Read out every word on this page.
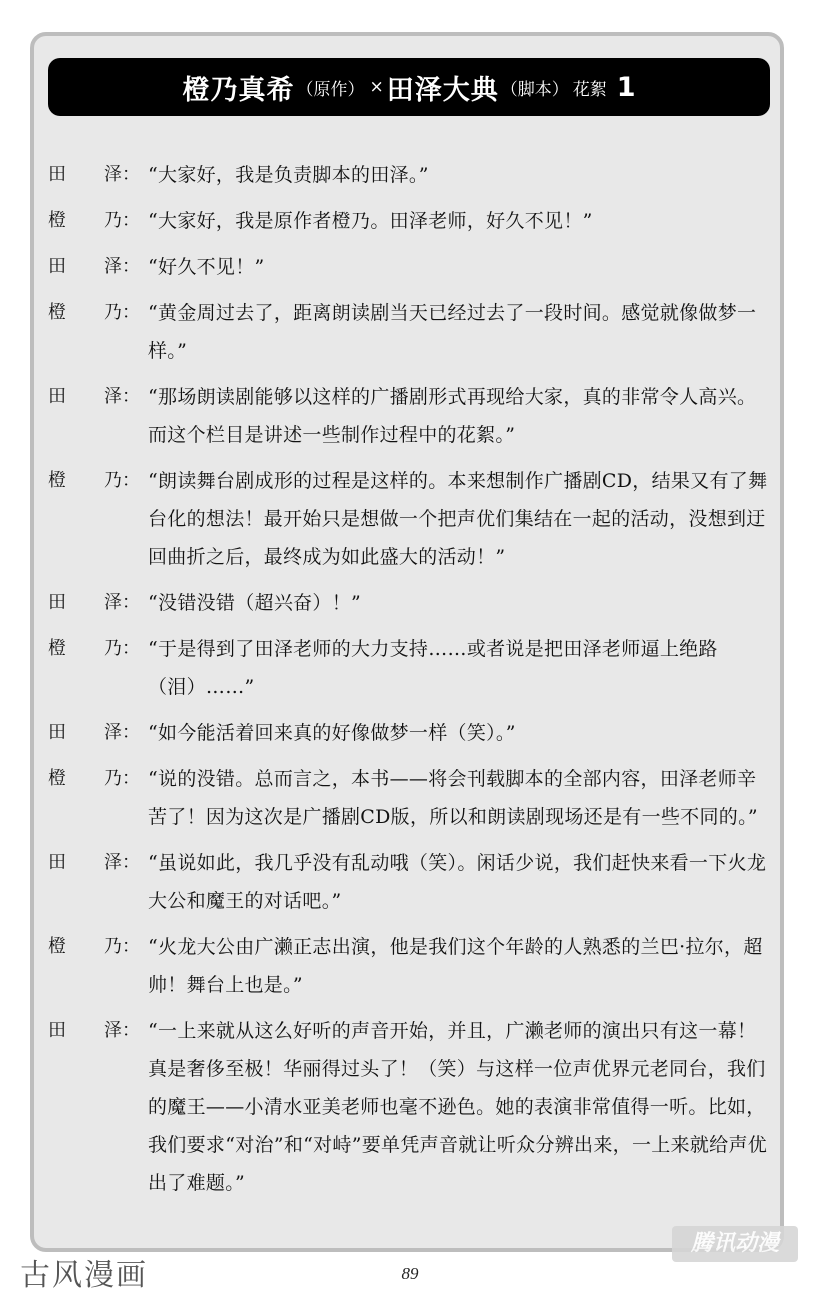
橙乃真希 （原作） × 田泽大典 （脚本） 花絮 1
田 泽 ：	“大家好，我是负责脚本的田泽。”
橙 乃 ：	“大家好，我是原作者橙乃。田泽老师，好久不见！”
田 泽 ：	“好久不见！”
橙 乃 ：	“黄金周过去了，距离朗读剧当天已经过去了一段时间。感觉就像做梦一样。”
田 泽 ：	“那场朗读剧能够以这样的广播剧形式再现给大家，真的非常令人高兴。而这个栏目是讲述一些制作过程中的花絮。”
橙 乃 ：	“朗读舞台剧成形的过程是这样的。本来想制作广播剧CD，结果又有了舞台化的想法！最开始只是想做一个把声优们集结在一起的活动，没想到迂回曲折之后，最终成为如此盛大的活动！”
田 泽 ：	“没错没错（超兴奋）！”
橙 乃 ：	“于是得到了田泽老师的大力支持……或者说是把田泽老师逼上绝路（泪）……”
田 泽 ：	“如今能活着回来真的好像做梦一样（笑）。”
橙 乃 ：	“说的没错。总而言之，本书——将会刊载脚本的全部内容，田泽老师辛苦了！因为这次是广播剧CD版，所以和朗读剧现场还是有一些不同的。”
田 泽 ：	“虽说如此，我几乎没有乱动哦（笑）。闲话少说，我们赶快来看一下火龙大公和魔王的对话吧。”
橙 乃 ：	“火龙大公由广濑正志出演，他是我们这个年龄的人熟悉的兰巴·拉尔，超帅！舞台上也是。”
田 泽 ：	“一上来就从这么好听的声音开始，并且，广濑老师的演出只有这一幕！真是奢侈至极！华丽得过头了！（笑）与这样一位声优界元老同台，我们的魔王——小清水亚美老师也毫不逊色。她的表演非常值得一听。比如，我们要求“对治”和“对峙”要单凭声音就让听众分辨出来，一上来就给声优出了难题。”
古风漫画	89
腾讯动漫
